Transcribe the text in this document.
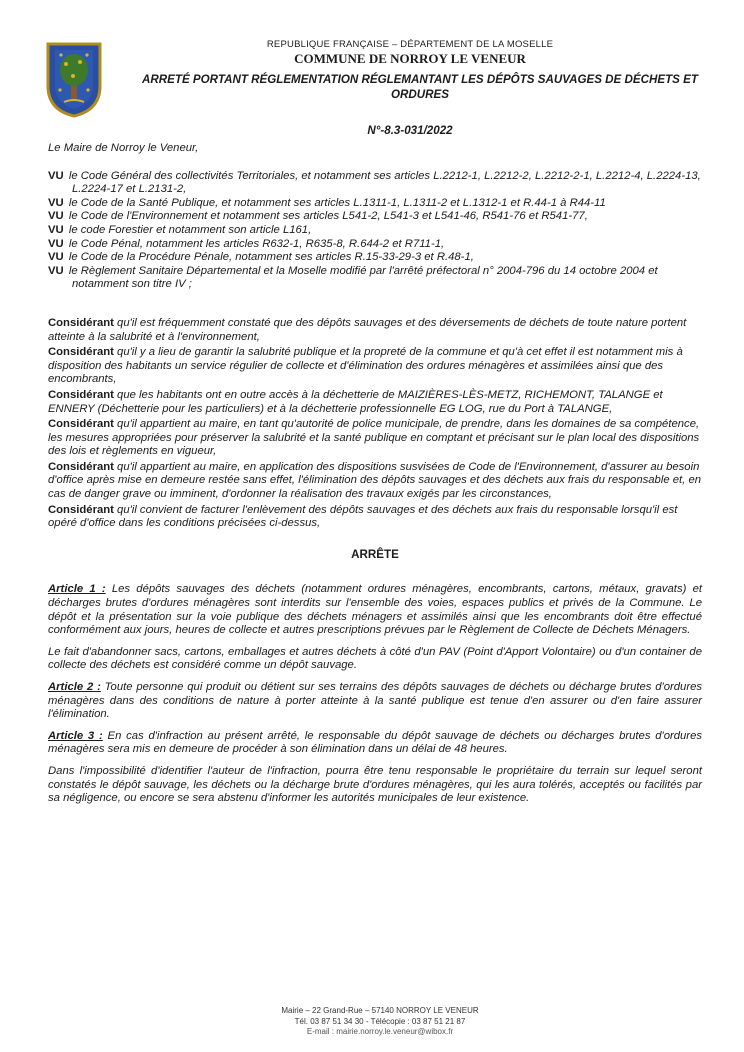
REPUBLIQUE FRANÇAISE – DÉPARTEMENT DE LA MOSELLE
COMMUNE DE NORROY LE VENEUR
ARRETÉ PORTANT RÉGLEMENTATION RÉGLEMANTANT LES DÉPÔTS SAUVAGES DE DÉCHETS ET ORDURES
N°-8.3-031/2022

Le Maire de Norroy le Veneur,

VU le Code Général des collectivités Territoriales, et notamment ses articles L.2212-1, L.2212-2, L.2212-2-1, L.2212-4, L.2224-13, L.2224-17 et L.2131-2,

VU le Code de la Santé Publique, et notamment ses articles L.1311-1, L.1311-2 et L.1312-1 et R.44-1 à R44-11

VU le Code de l'Environnement et notamment ses articles L541-2, L541-3 et L541-46, R541-76 et R541-77,

VU le code Forestier et notamment son article L161,

VU le Code Pénal, notamment les articles R632-1, R635-8, R.644-2 et R711-1,

VU le Code de la Procédure Pénale, notamment ses articles R.15-33-29-3 et R.48-1,

VU le Règlement Sanitaire Départemental et la Moselle modifié par l'arrêté préfectoral n° 2004-796 du 14 octobre 2004 et notamment son titre IV ;

Considérant qu'il est fréquemment constaté que des dépôts sauvages et des déversements de déchets de toute nature portent atteinte à la salubrité et à l'environnement,

Considérant qu'il y a lieu de garantir la salubrité publique et la propreté de la commune et qu'à cet effet il est notamment mis à disposition des habitants un service régulier de collecte et d'élimination des ordures ménagères et assimilées ainsi que des encombrants,

Considérant que les habitants ont en outre accès à la déchetterie de MAIZIÈRES-LÈS-METZ, RICHEMONT, TALANGE et ENNERY (Déchetterie pour les particuliers) et à la déchetterie professionnelle EG LOG, rue du Port à TALANGE,

Considérant qu'il appartient au maire, en tant qu'autorité de police municipale, de prendre, dans les domaines de sa compétence, les mesures appropriées pour préserver la salubrité et la santé publique en comptant et précisant sur le plan local des dispositions des lois et règlements en vigueur,

Considérant qu'il appartient au maire, en application des dispositions susvisées de Code de l'Environnement, d'assurer au besoin d'office après mise en demeure restée sans effet, l'élimination des dépôts sauvages et des déchets aux frais du responsable et, en cas de danger grave ou imminent, d'ordonner la réalisation des travaux exigés par les circonstances,

Considérant qu'il convient de facturer l'enlèvement des dépôts sauvages et des déchets aux frais du responsable lorsqu'il est opéré d'office dans les conditions précisées ci-dessus,

ARRÊTE

Article 1 : Les dépôts sauvages des déchets (notamment ordures ménagères, encombrants, cartons, métaux, gravats) et décharges brutes d'ordures ménagères sont interdits sur l'ensemble des voies, espaces publics et privés de la Commune. Le dépôt et la présentation sur la voie publique des déchets ménagers et assimilés ainsi que les encombrants doit être effectué conformément aux jours, heures de collecte et autres prescriptions prévues par le Règlement de Collecte de Déchets Ménagers.

Le fait d'abandonner sacs, cartons, emballages et autres déchets à côté d'un PAV (Point d'Apport Volontaire) ou d'un container de collecte des déchets est considéré comme un dépôt sauvage.

Article 2 : Toute personne qui produit ou détient sur ses terrains des dépôts sauvages de déchets ou décharge brutes d'ordures ménagères dans des conditions de nature à porter atteinte à la santé publique est tenue d'en assurer ou d'en faire assurer l'élimination.

Article 3 : En cas d'infraction au présent arrêté, le responsable du dépôt sauvage de déchets ou décharges brutes d'ordures ménagères sera mis en demeure de procéder à son élimination dans un délai de 48 heures.

Dans l'impossibilité d'identifier l'auteur de l'infraction, pourra être tenu responsable le propriétaire du terrain sur lequel seront constatés le dépôt sauvage, les déchets ou la décharge brute d'ordures ménagères, qui les aura tolérés, acceptés ou facilités par sa négligence, ou encore se sera abstenu d'informer les autorités municipales de leur existence.

Mairie – 22 Grand-Rue – 57140 NORROY LE VENEUR
Tél. 03 87 51 34 30 - Télécopie : 03 87 51 21 87
E-mail : mairie.norroy.le.veneur@wibox.fr
